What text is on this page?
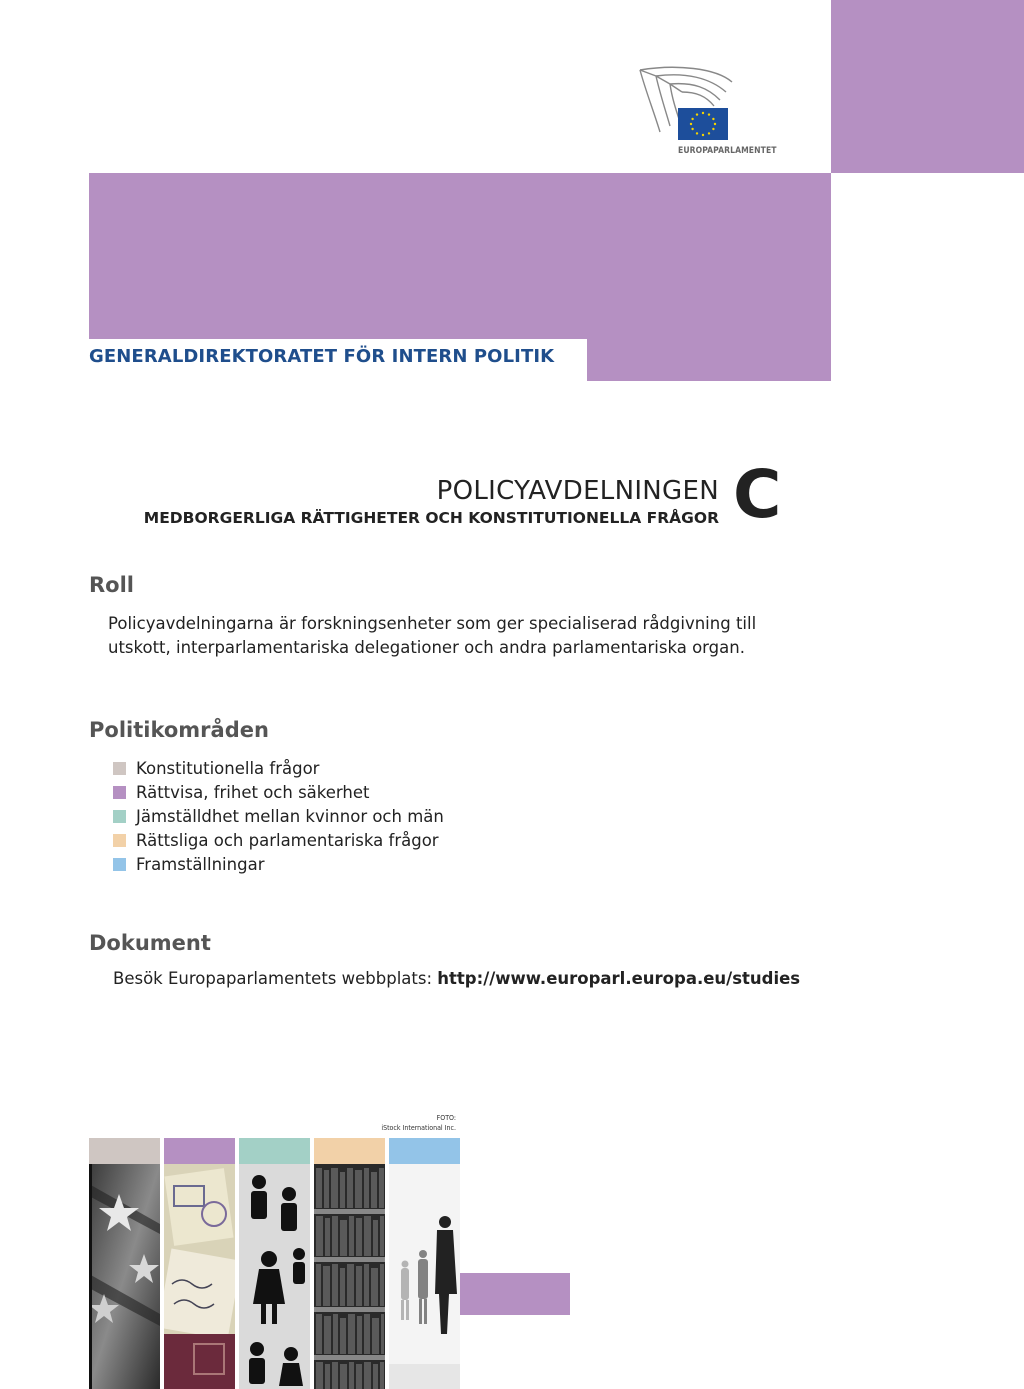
EUROPAPARLAMENTET
GENERALDIREKTORATET FÖR INTERN POLITIK
POLICYAVDELNINGEN
MEDBORGERLIGA RÄTTIGHETER OCH KONSTITUTIONELLA FRÅGOR C
Roll

Policyavdelningarna är forskningsenheter som ger specialiserad rådgivning till utskott, interparlamentariska delegationer och andra parlamentariska organ.

Politikområden
Konstitutionella frågor
Rättvisa, frihet och säkerhet
Jämställdhet mellan kvinnor och män
Rättsliga och parlamentariska frågor
Framställningar
Dokument
Besök Europaparlamentets webbplats: http://www.europarl.europa.eu/studies
FOTO:
iStock International Inc.
